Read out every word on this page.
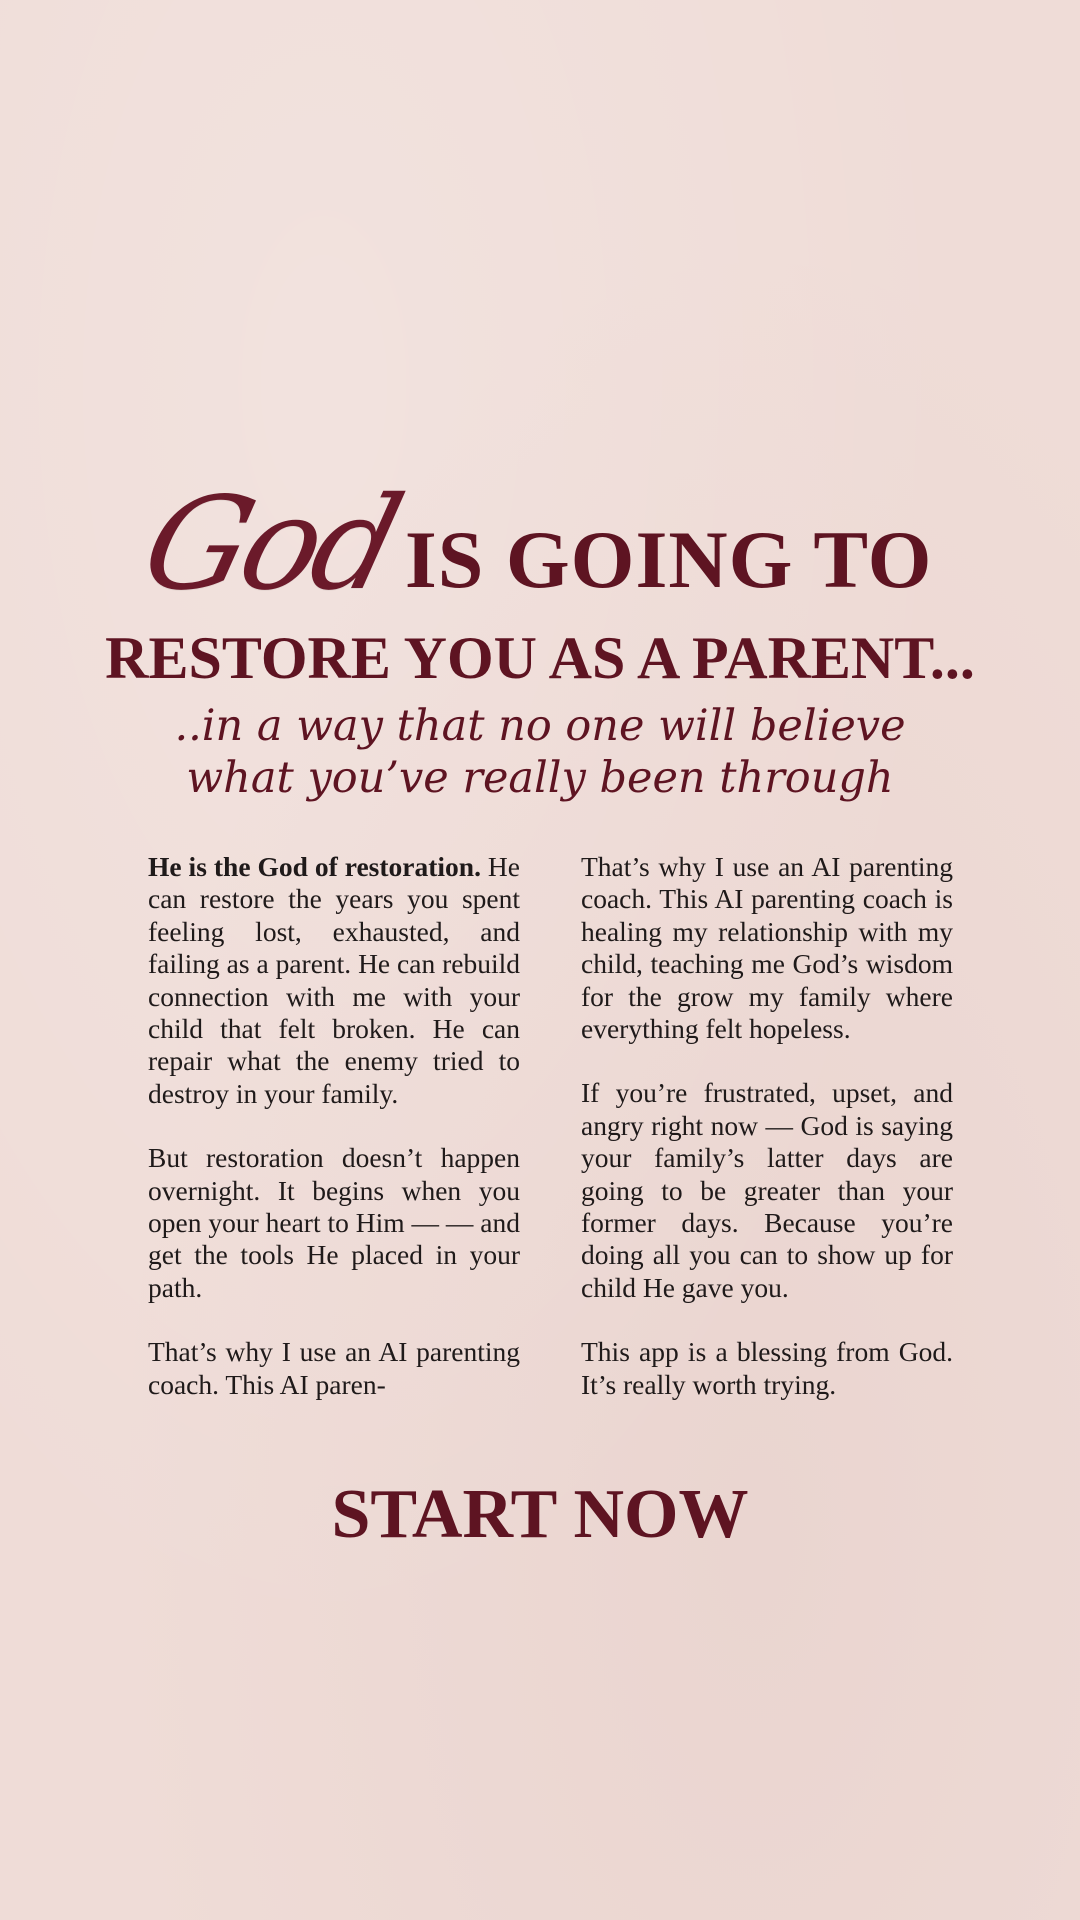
GodIS GOING TO
RESTORE YOU AS A PARENT...
..in a way that no one will believe
what you’ve really been through

He is the God of restoration. He can restore the years you spent feeling lost, exhausted, and failing as a parent. He can rebuild connection with me with your child that felt broken. He can repair what the enemy tried to destroy in your family.

But restoration doesn’t happen overnight. It begins when you open your heart to Him — — and get the tools He placed in your path.

That’s why I use an AI parenting coach. This AI paren-

That’s why I use an AI parenting coach. This AI parenting coach is healing my relationship with my child, teaching me God’s wisdom for the grow my family where everything felt hopeless.

If you’re frustrated, upset, and angry right now — God is saying your family’s latter days are going to be greater than your former days. Because you’re doing all you can to show up for child He gave you.

This app is a blessing from God. It’s really worth trying.

START NOW
